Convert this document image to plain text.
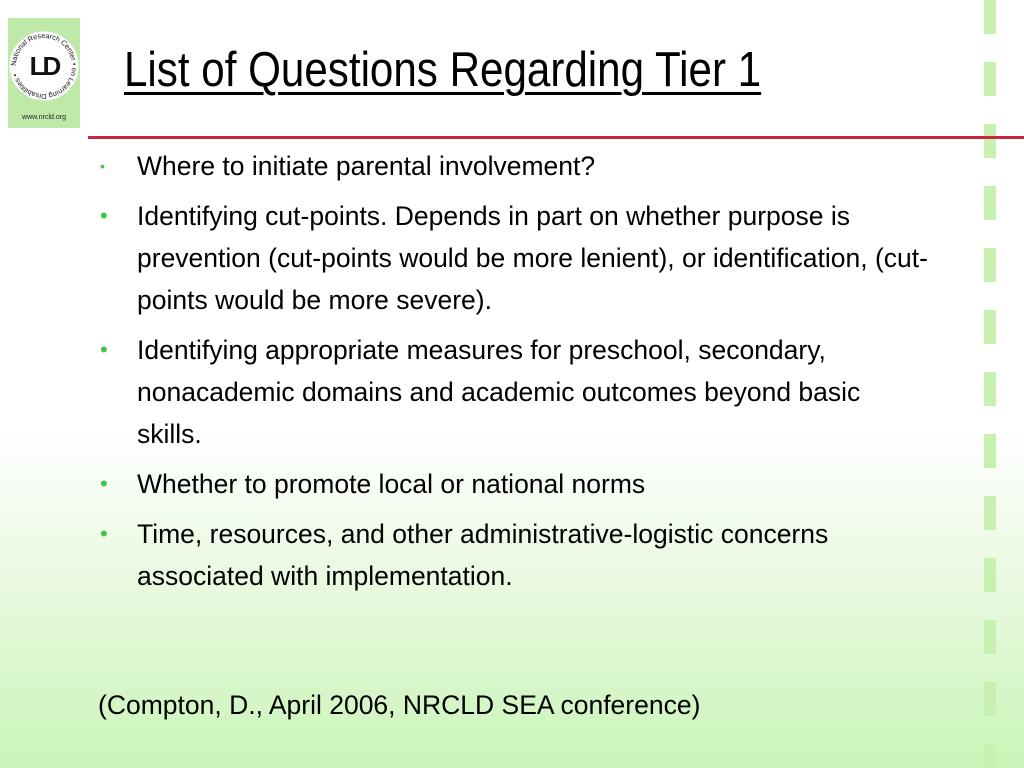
National Research Center • on Learning Disabilities • LD
www.nrcld.org
List of Questions Regarding Tier 1
• Where to initiate parental involvement?
• Identifying cut-points. Depends in part on whether purpose is prevention (cut-points would be more lenient), or identification, (cut-points would be more severe).
• Identifying appropriate measures for preschool, secondary, nonacademic domains and academic outcomes beyond basic skills.
• Whether to promote local or national norms
• Time, resources, and other administrative-logistic concerns associated with implementation.

(Compton, D., April 2006, NRCLD SEA conference)
